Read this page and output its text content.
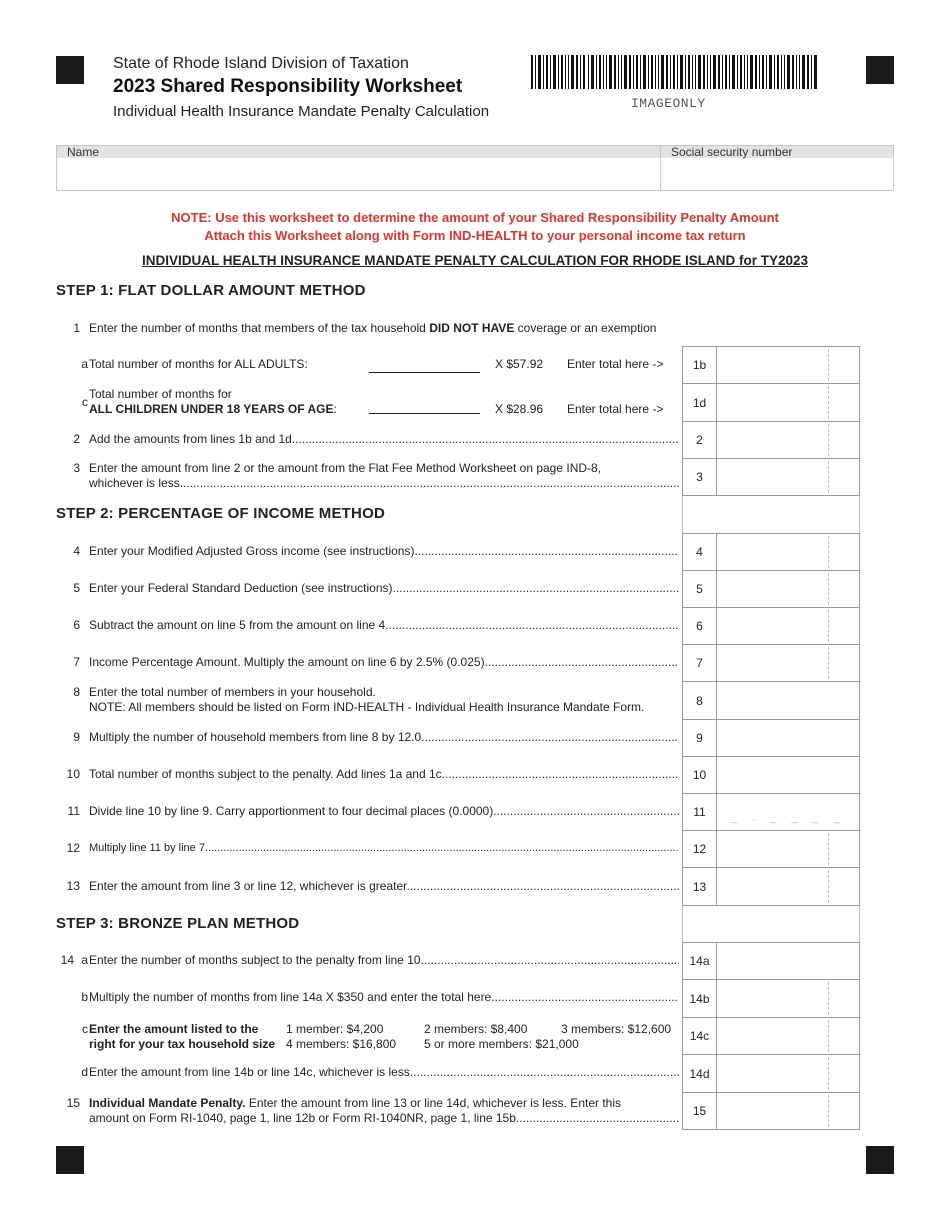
State of Rhode Island Division of Taxation
2023 Shared Responsibility Worksheet
Individual Health Insurance Mandate Penalty Calculation	IMAGEONLY
Name	Social security number
NOTE: Use this worksheet to determine the amount of your Shared Responsibility Penalty Amount
Attach this Worksheet along with Form IND-HEALTH to your personal income tax return
INDIVIDUAL HEALTH INSURANCE MANDATE PENALTY CALCULATION FOR RHODE ISLAND for TY2023
STEP 1: FLAT DOLLAR AMOUNT METHOD
1 Enter the number of months that members of the tax household DID NOT HAVE coverage or an exemption
a Total number of months for ALL ADULTS:	X $57.92 Enter total here ->	1b
c
Total number of months for
ALL CHILDREN UNDER 18 YEARS OF AGE:	X $28.96 Enter total here ->	1d
2 Add the amounts from lines 1b and 1d .....	2
3 Enter the amount from line 2 or the amount from the Flat Fee Method Worksheet on page IND-8,
whichever is less .....	3
STEP 2: PERCENTAGE OF INCOME METHOD
4 Enter your Modified Adjusted Gross income (see instructions) .....	4
5 Enter your Federal Standard Deduction (see instructions) .....	5
6 Subtract the amount on line 5 from the amount on line 4 .....	6
7 Income Percentage Amount. Multiply the amount on line 6 by 2.5% (0.025) .....	7
8 Enter the total number of members in your household.
NOTE: All members should be listed on Form IND-HEALTH - Individual Health Insurance Mandate Form.	8
9 Multiply the number of household members from line 8 by 12.0 .....	9
10 Total number of months subject to the penalty. Add lines 1a and 1c .....	10
11 Divide line 10 by line 9. Carry apportionment to four decimal places (0.0000) .....	11	_ . _ _ _ _
12 Multiply line 11 by line 7 .....	12
13 Enter the amount from line 3 or line 12, whichever is greater .....	13
STEP 3: BRONZE PLAN METHOD
14 a Enter the number of months subject to the penalty from line 10 .....	14a
b Multiply the number of months from line 14a X $350 and enter the total here .....	14b
c Enter the amount listed to the
right for your tax household size
1 member: $4,200	2 members: $8,400	3 members: $12,600
4 members: $16,800 5 or more members: $21,000
14c
d Enter the amount from line 14b or line 14c, whichever is less .....	14d
15 Individual Mandate Penalty. Enter the amount from line 13 or line 14d, whichever is less. Enter this
amount on Form RI-1040, page 1, line 12b or Form RI-1040NR, page 1, line 15b .....	15
